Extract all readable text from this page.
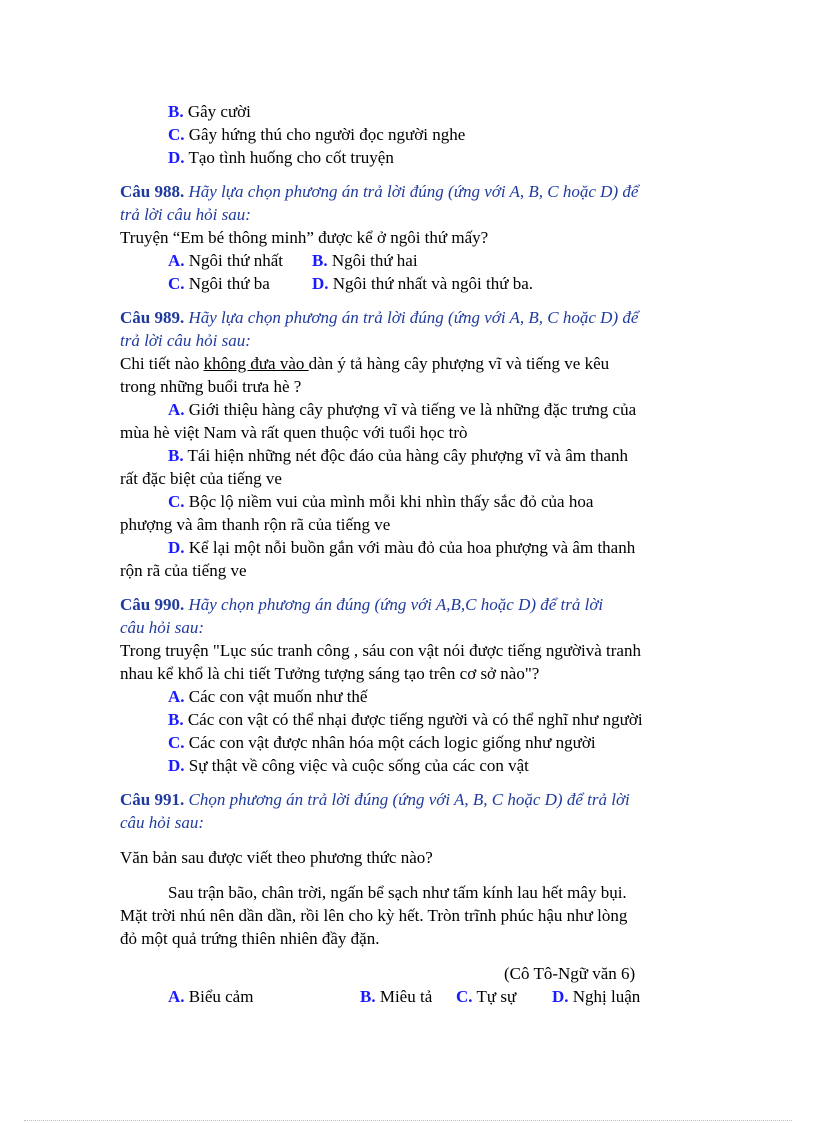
B. Gây cười
C. Gây hứng thú cho người đọc người nghe
D. Tạo tình huống cho cốt truyện
Câu 988. Hãy lựa chọn phương án trả lời đúng (ứng với A, B, C hoặc D) để
trả lời câu hỏi sau:
Truyện “Em bé thông minh” được kể ở ngôi thứ mấy?
A. Ngôi thứ nhất B. Ngôi thứ hai
C. Ngôi thứ ba D. Ngôi thứ nhất và ngôi thứ ba.
Câu 989. Hãy lựa chọn phương án trả lời đúng (ứng với A, B, C hoặc D) để
trả lời câu hỏi sau:
Chi tiết nào không đưa vào dàn ý tả hàng cây phượng vĩ và tiếng ve kêu
trong những buổi trưa hè ?
A. Giới thiệu hàng cây phượng vĩ và tiếng ve là những đặc trưng của
mùa hè việt Nam và rất quen thuộc với tuổi học trò
B. Tái hiện những nét độc đáo của hàng cây phượng vĩ và âm thanh
rất đặc biệt của tiếng ve
C. Bộc lộ niềm vui của mình mỗi khi nhìn thấy sắc đỏ của hoa
phượng và âm thanh rộn rã của tiếng ve
D. Kể lại một nỗi buồn gắn với màu đỏ của hoa phượng và âm thanh
rộn rã của tiếng ve
Câu 990. Hãy chọn phương án đúng (ứng với A,B,C hoặc D) để trả lời
câu hỏi sau:
Trong truyện "Lục súc tranh công , sáu con vật nói được tiếng ngườivà tranh
nhau kể khổ là chi tiết Tưởng tượng sáng tạo trên cơ sở nào"?
A. Các con vật muốn như thế
B. Các con vật có thể nhại được tiếng người và có thể nghĩ như người
C. Các con vật được nhân hóa một cách logic giống như người
D. Sự thật về công việc và cuộc sống của các con vật
Câu 991. Chọn phương án trả lời đúng (ứng với A, B, C hoặc D) để trả lời
câu hỏi sau:
Văn bản sau được viết theo phương thức nào?
Sau trận bão, chân trời, ngấn bể sạch như tấm kính lau hết mây bụi.
Mặt trời nhú nên dần dần, rồi lên cho kỳ hết. Tròn trĩnh phúc hậu như lòng
đỏ một quả trứng thiên nhiên đầy đặn.
(Cô Tô-Ngữ văn 6)
A. Biểu cảm	B. Miêu tả C. Tự sự D. Nghị luận
